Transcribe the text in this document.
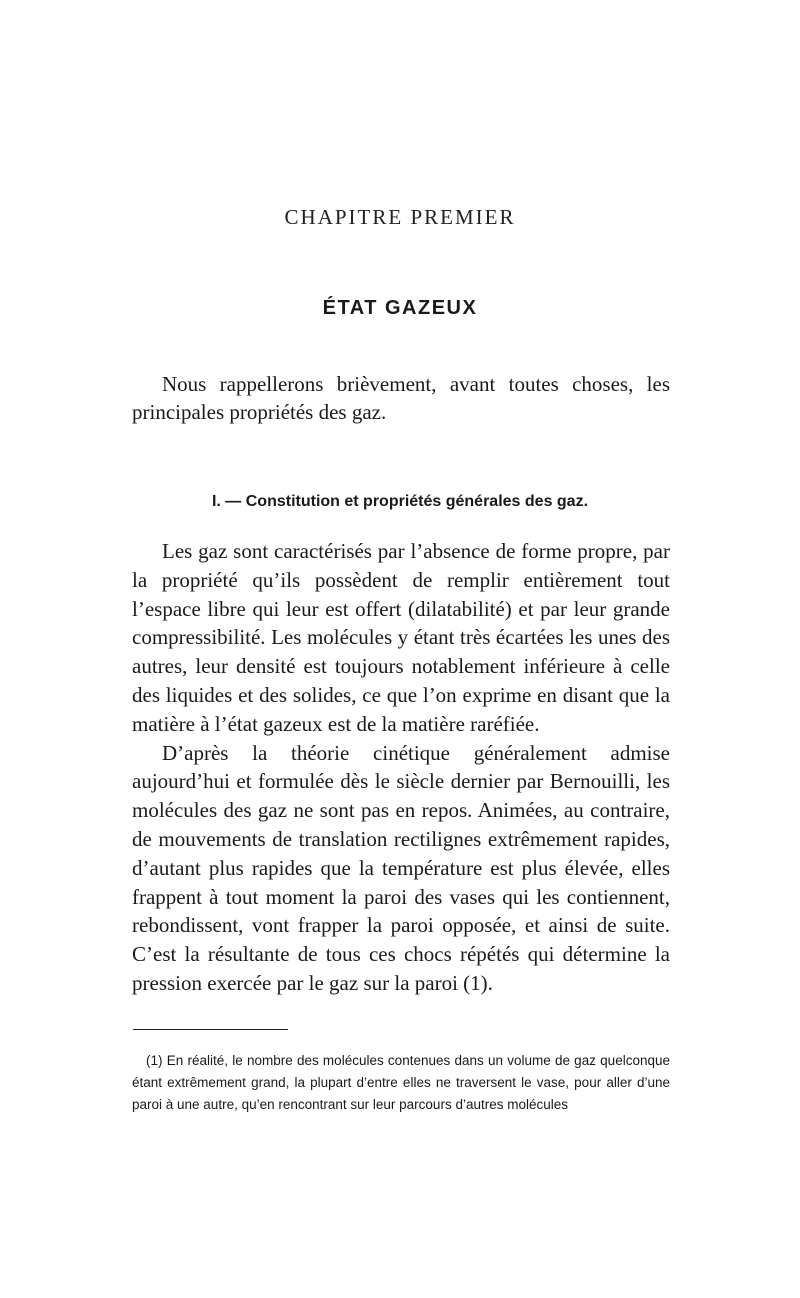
CHAPITRE PREMIER
ÉTAT GAZEUX

Nous rappellerons brièvement, avant toutes choses, les principales propriétés des gaz.

I. — Constitution et propriétés générales des gaz.

Les gaz sont caractérisés par l’absence de forme propre, par la propriété qu’ils possèdent de remplir entièrement tout l’espace libre qui leur est offert (dilatabilité) et par leur grande compressibilité. Les molécules y étant très écartées les unes des autres, leur densité est toujours notablement inférieure à celle des liquides et des solides, ce que l’on exprime en disant que la matière à l’état gazeux est de la matière raréfiée.

D’après la théorie cinétique généralement admise aujourd’hui et formulée dès le siècle dernier par Bernouilli, les molécules des gaz ne sont pas en repos. Animées, au contraire, de mouvements de translation rectilignes extrêmement rapides, d’autant plus rapides que la température est plus élevée, elles frappent à tout moment la paroi des vases qui les contiennent, rebondissent, vont frapper la paroi opposée, et ainsi de suite. C’est la résultante de tous ces chocs répétés qui détermine la pression exercée par le gaz sur la paroi (1).

(1) En réalité, le nombre des molécules contenues dans un volume de gaz quelconque étant extrêmement grand, la plupart d’entre elles ne traversent le vase, pour aller d’une paroi à une autre, qu’en rencontrant sur leur parcours d’autres molécules
